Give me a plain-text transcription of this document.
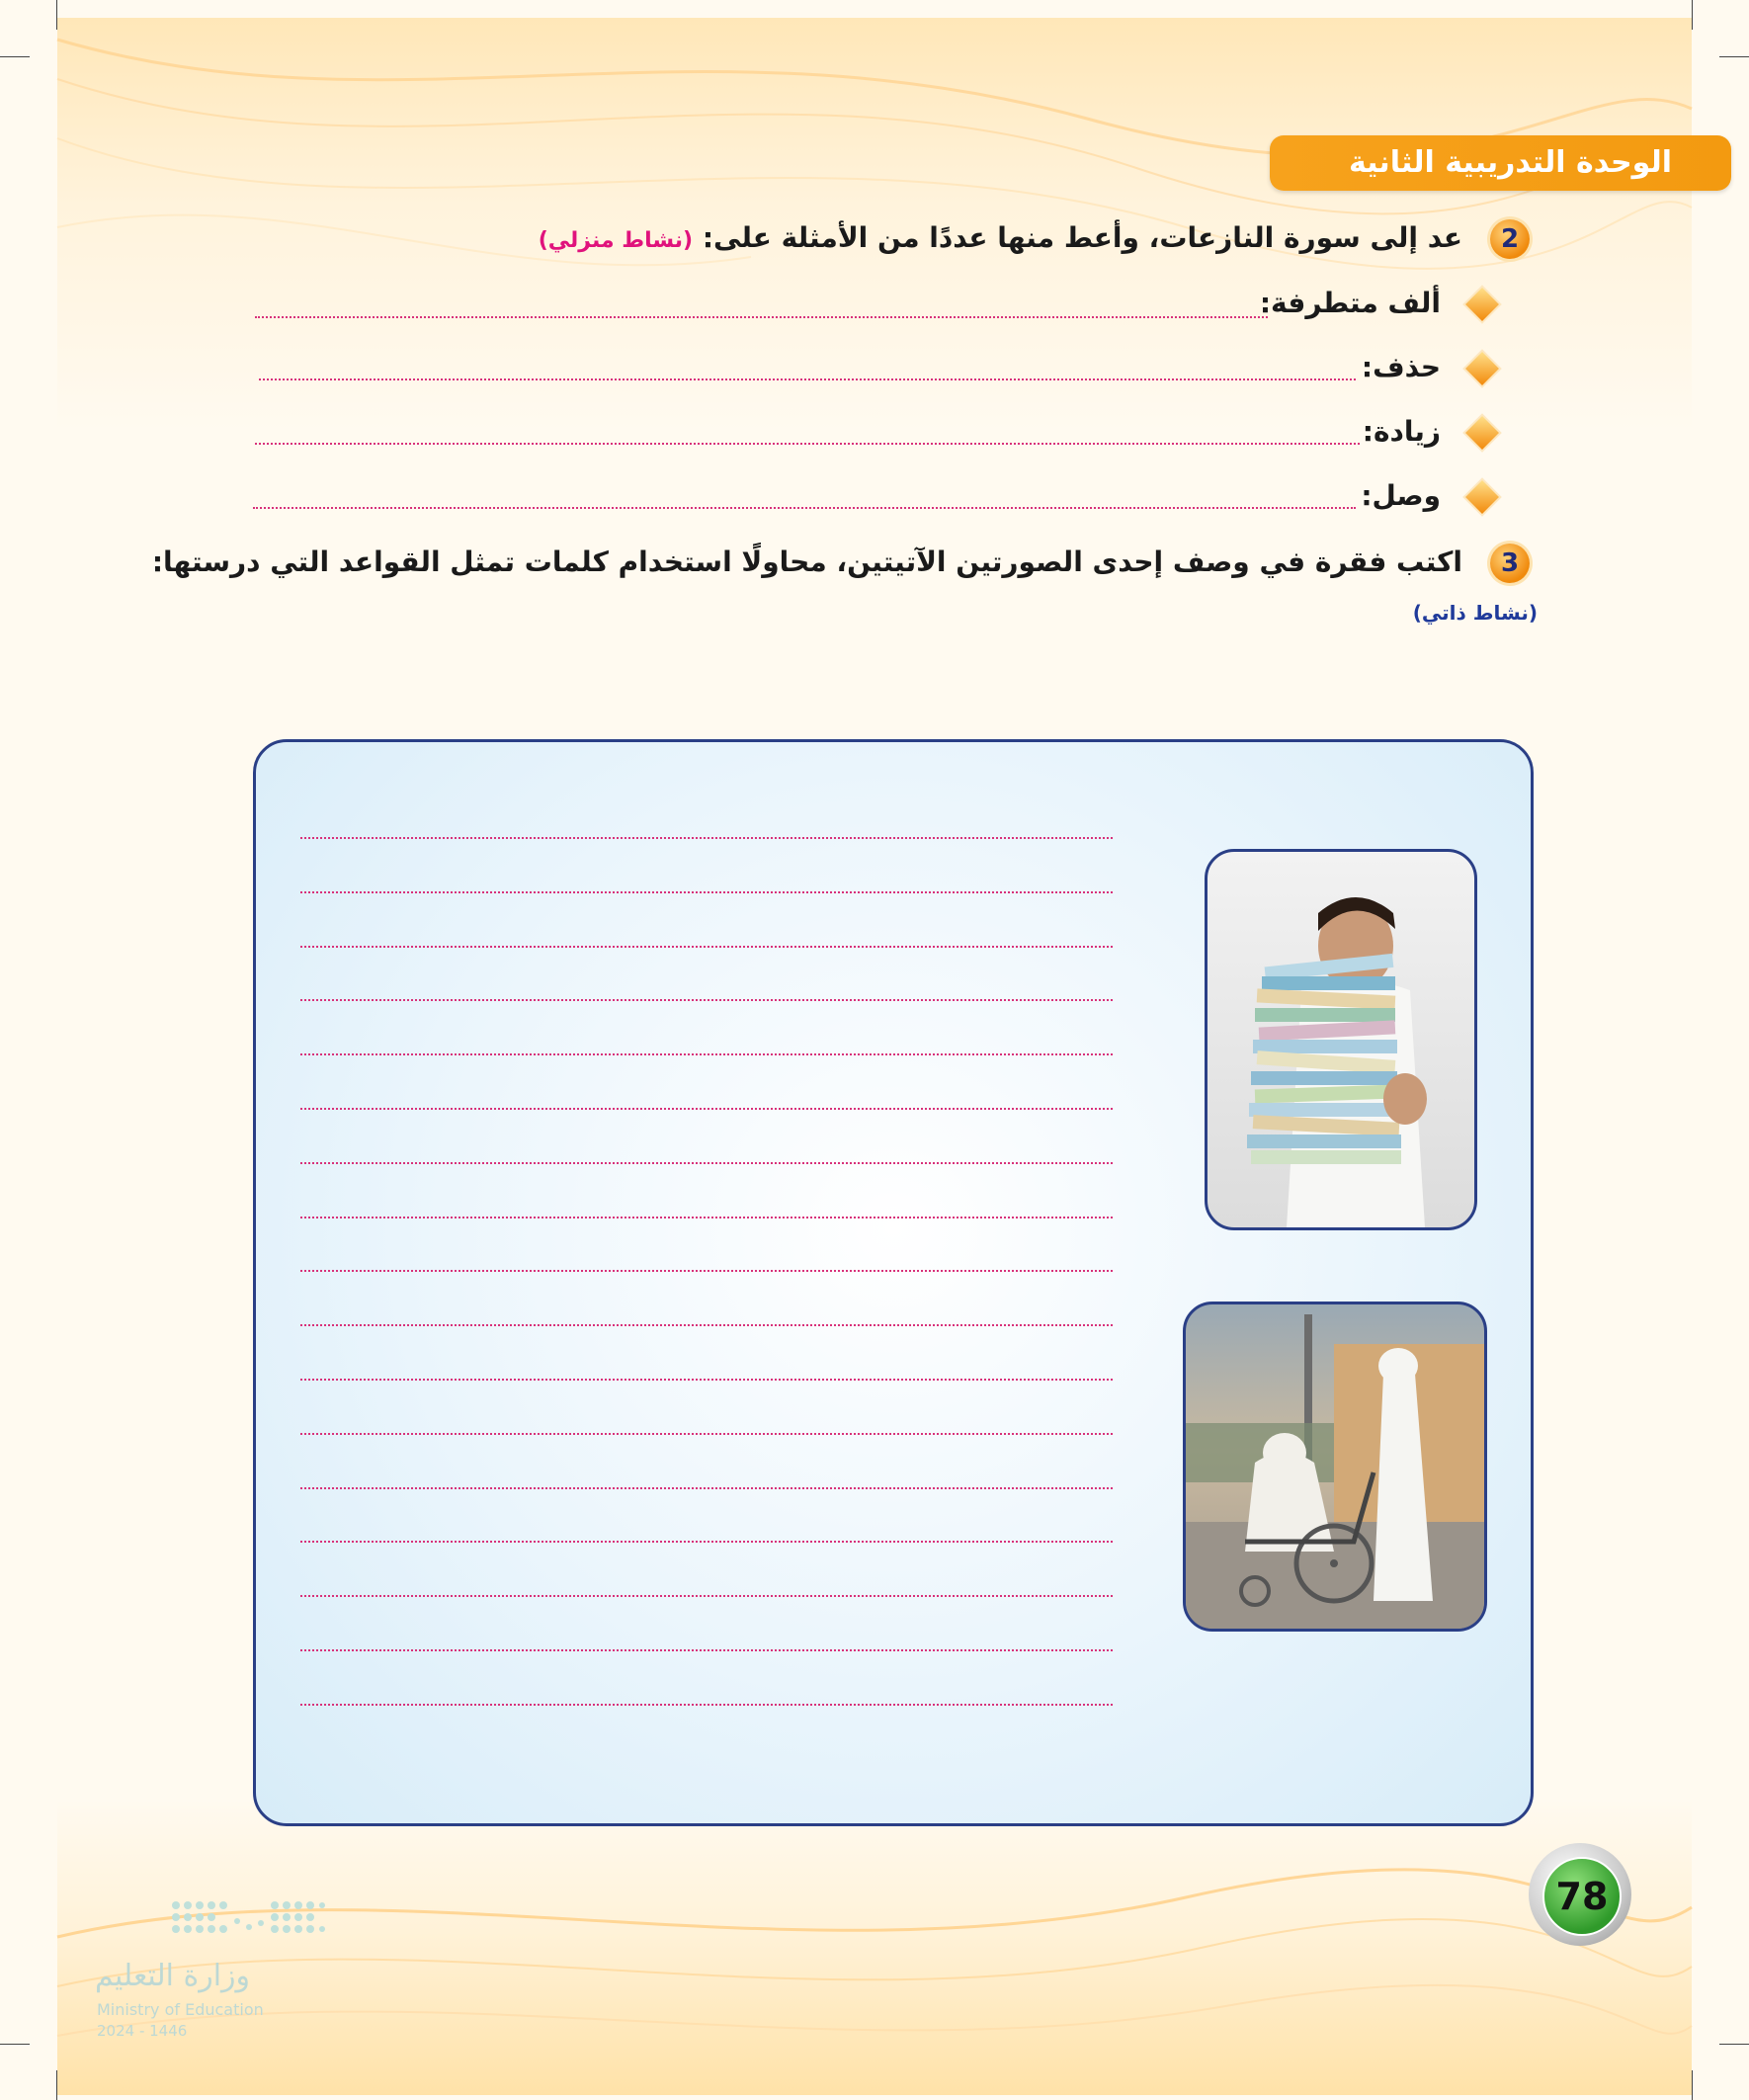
الوحدة التدريبية الثانية
2
عد إلى سورة النازعات، وأعط منها عددًا من الأمثلة على: (نشاط منزلي)
ألف متطرفة:
حذف:
زيادة:
وصل:
3
اكتب فقرة في وصف إحدى الصورتين الآتيتين، محاولًا استخدام كلمات تمثل القواعد التي درستها:
(نشاط ذاتي)
78
وزارة التعليم
Ministry of Education
2024 - 1446
